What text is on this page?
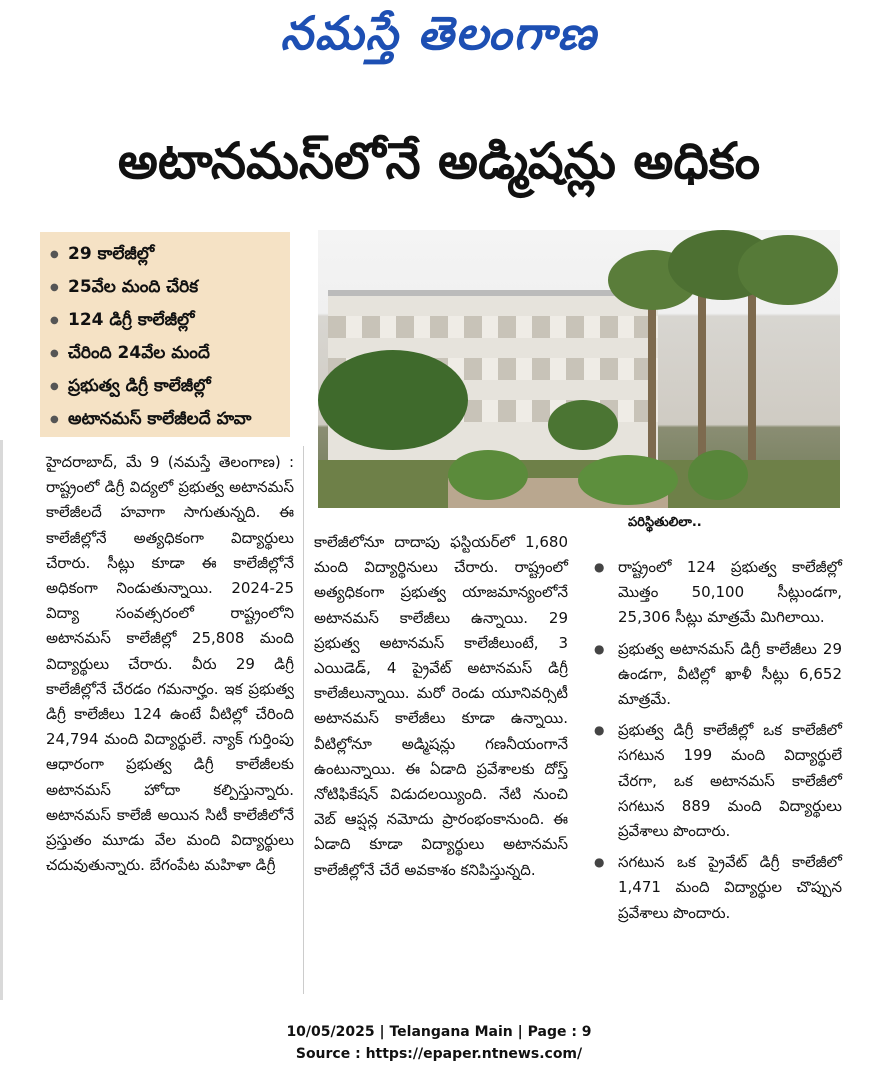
నమస్తే తెలంగాణ
అటానమస్‌లోనే అడ్మిషన్లు అధికం
● 29 కాలేజీల్లో
● 25వేల మంది చేరిక
● 124 డిగ్రీ కాలేజీల్లో
● చేరింది 24వేల మందే
● ప్రభుత్వ డిగ్రీ కాలేజీల్లో
● అటానమస్ కాలేజీలదే హవా
పరిస్థితులిలా..

హైదరాబాద్, మే 9 (నమస్తే తెలంగాణ) : రాష్ట్రంలో డిగ్రీ విద్యలో ప్రభుత్వ అటానమస్ కాలేజీలదే హవాగా సాగుతున్నది. ఈ కాలేజీల్లోనే అత్యధికంగా విద్యార్థులు చేరారు. సీట్లు కూడా ఈ కాలేజీల్లోనే అధికంగా నిండుతున్నాయి. 2024-25 విద్యా సంవత్సరంలో రాష్ట్రంలోని అటానమస్ కాలేజీల్లో 25,808 మంది విద్యార్థులు చేరారు. వీరు 29 డిగ్రీ కాలేజీల్లోనే చేరడం గమనార్హం. ఇక ప్రభుత్వ డిగ్రీ కాలేజీలు 124 ఉంటే వీటిల్లో చేరింది 24,794 మంది విద్యార్థులే. న్యాక్ గుర్తింపు ఆధారంగా ప్రభుత్వ డిగ్రీ కాలేజీలకు అటానమస్ హోదా కల్పిస్తున్నారు. అటానమస్ కాలేజీ అయిన సిటీ కాలేజీలోనే ప్రస్తుతం మూడు వేల మంది విద్యార్థులు చదువుతున్నారు. బేగంపేట మహిళా డిగ్రీ

కాలేజీలోనూ దాదాపు ఫస్టియర్‌లో 1,680 మంది విద్యార్థినులు చేరారు. రాష్ట్రంలో అత్యధికంగా ప్రభుత్వ యాజమాన్యంలోనే అటానమస్ కాలేజీలు ఉన్నాయి. 29 ప్రభుత్వ అటానమస్ కాలేజీలుంటే, 3 ఎయిడెడ్, 4 ప్రైవేట్ అటానమస్ డిగ్రీ కాలేజీలున్నాయి. మరో రెండు యూనివర్సిటీ అటానమస్ కాలేజీలు కూడా ఉన్నాయి. వీటిల్లోనూ అడ్మిషన్లు గణనీయంగానే ఉంటున్నాయి. ఈ ఏడాది ప్రవేశాలకు దోస్త్ నోటిఫికేషన్ విడుదలయ్యింది. నేటి నుంచి వెబ్ ఆప్షన్ల నమోదు ప్రారంభంకానుంది. ఈ ఏడాది కూడా విద్యార్థులు అటానమస్ కాలేజీల్లోనే చేరే అవకాశం కనిపిస్తున్నది.

● రాష్ట్రంలో 124 ప్రభుత్వ కాలేజీల్లో మొత్తం 50,100 సీట్లుండగా, 25,306 సీట్లు మాత్రమే మిగిలాయి.
● ప్రభుత్వ అటానమస్ డిగ్రీ కాలేజీలు 29 ఉండగా, వీటిల్లో ఖాళీ సీట్లు 6,652 మాత్రమే.
● ప్రభుత్వ డిగ్రీ కాలేజీల్లో ఒక కాలేజీలో సగటున 199 మంది విద్యార్థులే చేరగా, ఒక అటానమస్ కాలేజీలో సగటున 889 మంది విద్యార్థులు ప్రవేశాలు పొందారు.
● సగటున ఒక ప్రైవేట్ డిగ్రీ కాలేజీలో 1,471 మంది విద్యార్థుల చొప్పున ప్రవేశాలు పొందారు.
10/05/2025 | Telangana Main | Page : 9
Source : https://epaper.ntnews.com/
